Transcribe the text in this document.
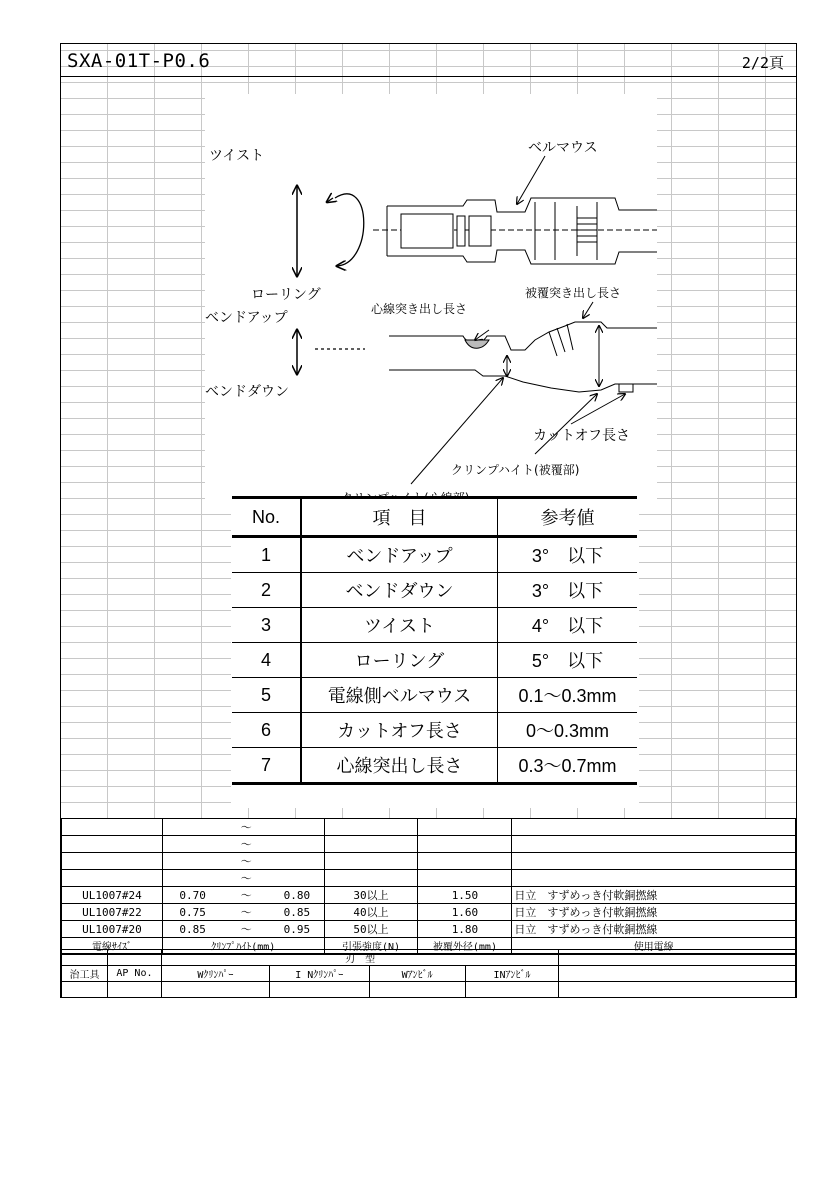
SXA-01T-P0.6	2/2頁
ツイスト	ベルマウス
ローリング
ベンドアップ
ベンドダウン
心線突き出し長さ
被覆突き出し長さ
カットオフ長さ
クリンプハイト(被覆部)
No.	項　目	参考値
1	ベンドアップ	3°　以下
2	ベンドダウン	3°　以下
3	ツイスト	4°　以下
4	ローリング	5°　以下
5	電線側ベルマウス	0.1～0.3mm
6	カットオフ長さ	0～0.3mm
7	心線突出し長さ	0.3～0.7mm
		～				
		～				
		～				
		～				
UL1007#24	0.70	～	0.80	30以上	1.50	日立　すずめっき付軟銅撚線
UL1007#22	0.75	～	0.85	40以上	1.60	日立　すずめっき付軟銅撚線
UL1007#20	0.85	～	0.95	50以上	1.80	日立　すずめっき付軟銅撚線
電線ｻｲｽﾞ	ｸﾘﾝﾌﾟﾊｲﾄ(mm)			引張強度(N)	被覆外径(mm)	使用電線
		刃　型				
治工具	AP No.	Wｸﾘﾝﾊﾟｰ	I Nｸﾘﾝﾊﾟｰ	Wｱﾝﾋﾞﾙ	INｱﾝﾋﾞﾙ	
